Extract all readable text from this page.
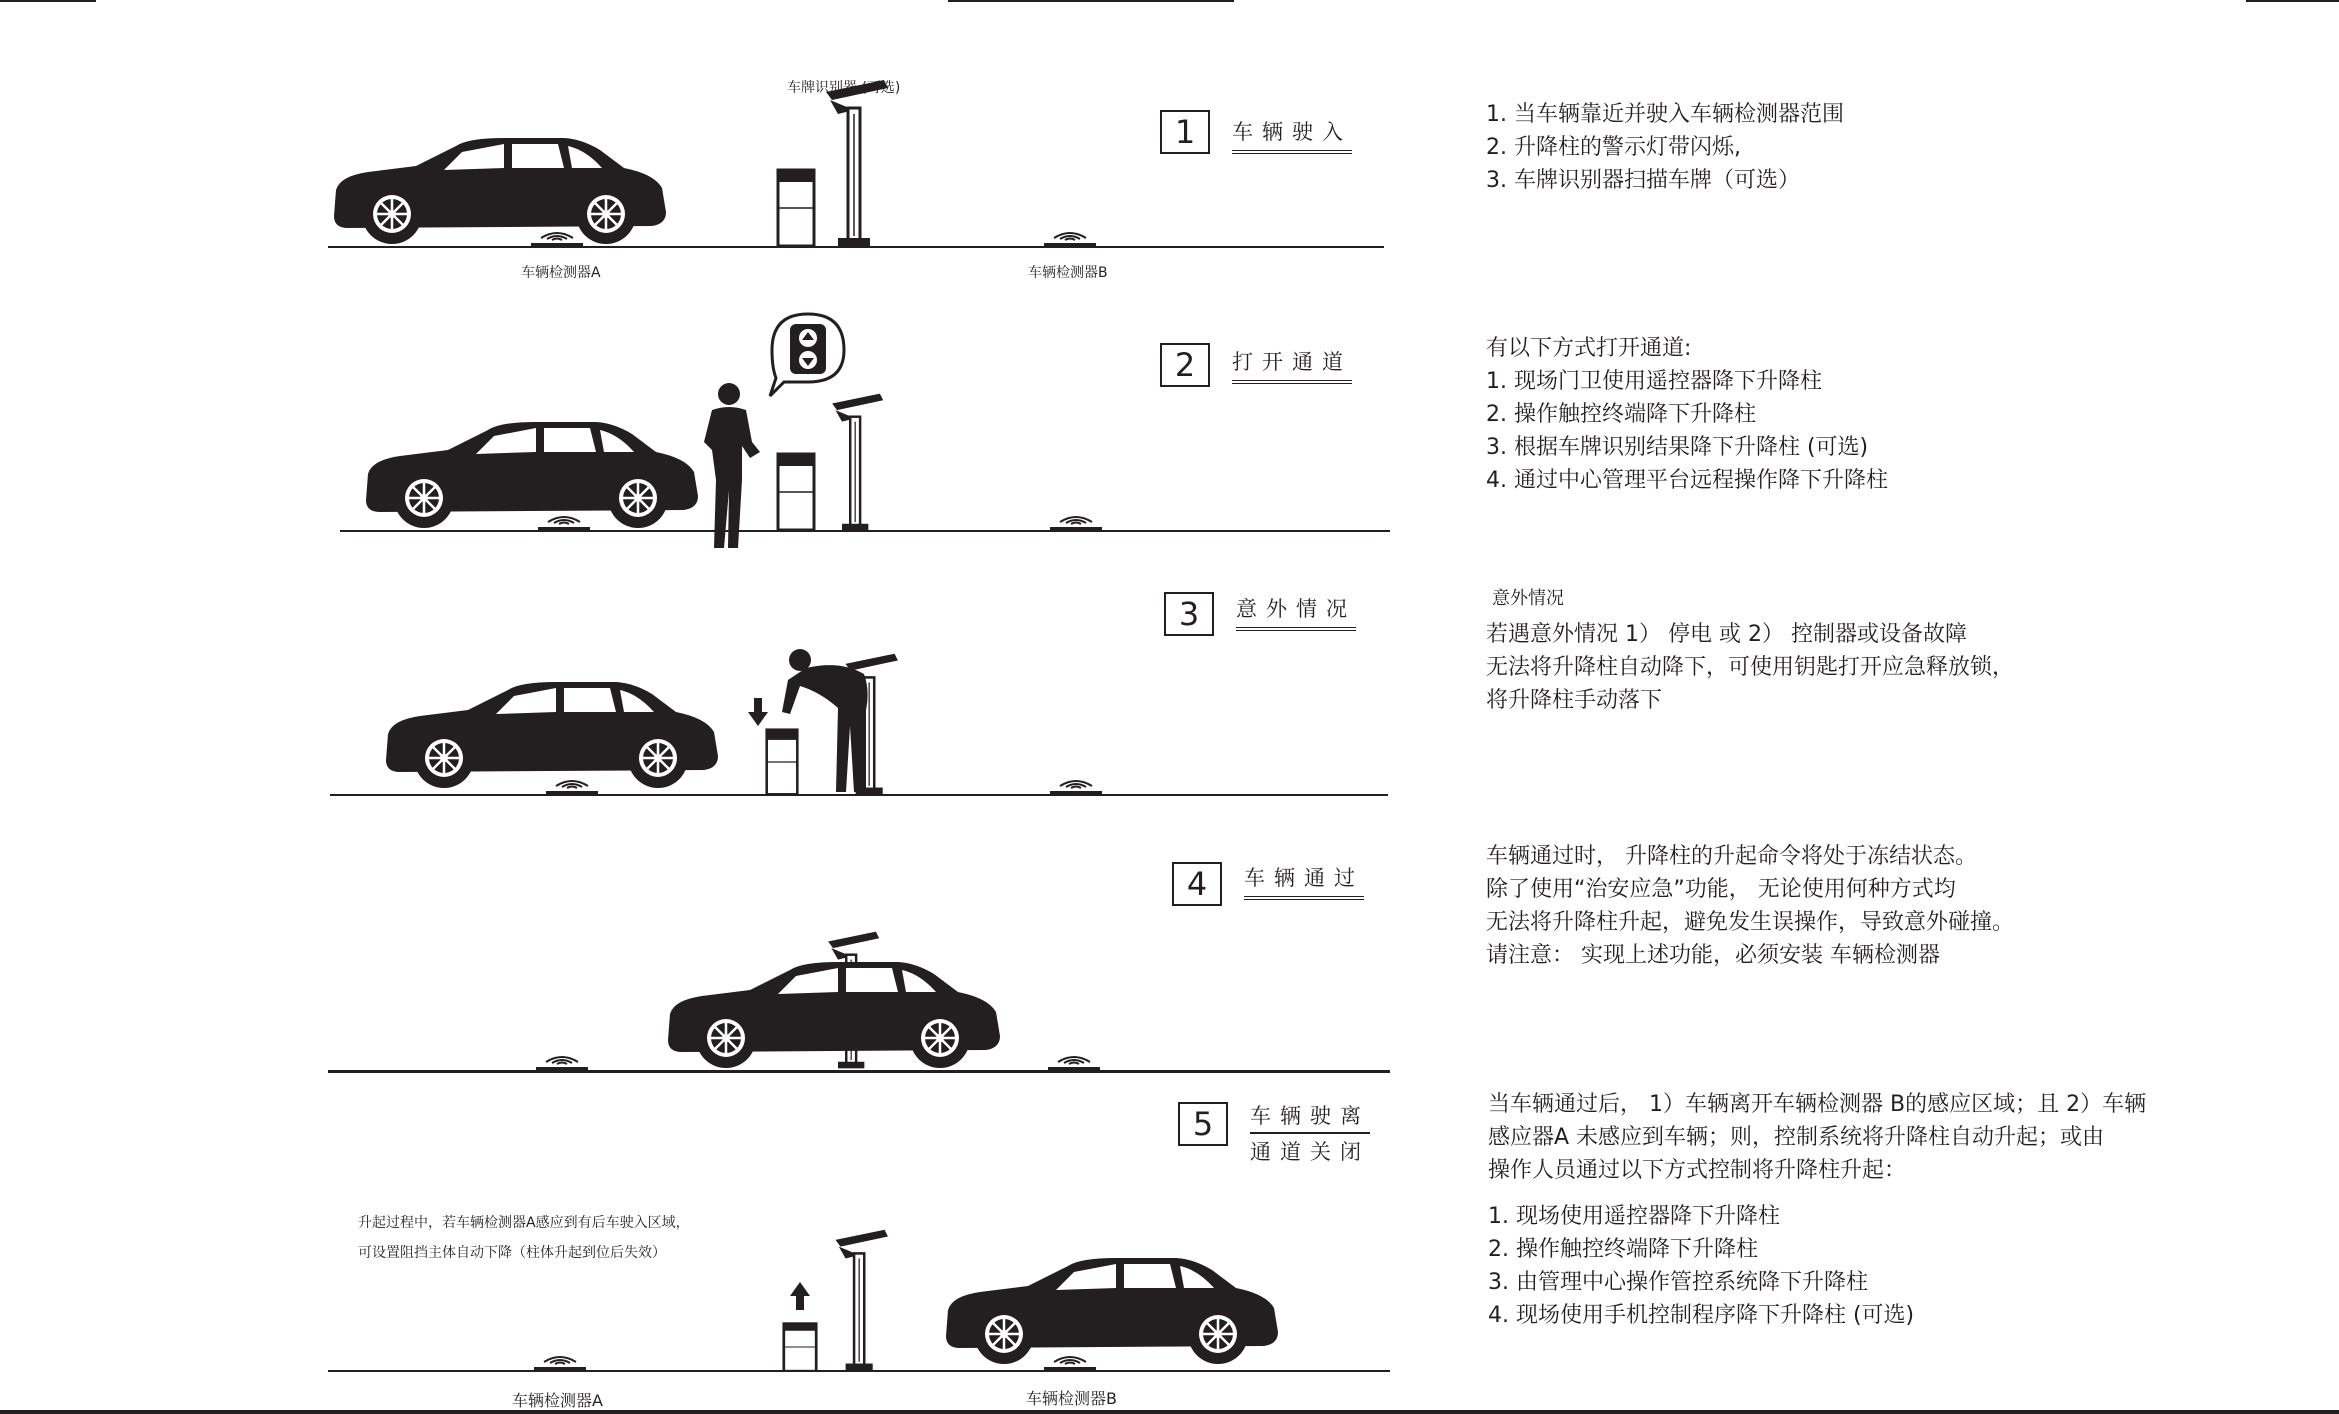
车牌识别器 (可选)
车辆检测器A	车辆检测器B
1	车辆驶入
1. 当车辆靠近并驶入车辆检测器范围
2. 升降柱的警示灯带闪烁,
3. 车牌识别器扫描车牌（可选）
2	打开通道
有以下方式打开通道:
1. 现场门卫使用遥控器降下升降柱
2. 操作触控终端降下升降柱
3. 根据车牌识别结果降下升降柱 (可选)
4. 通过中心管理平台远程操作降下升降柱
3	意外情况	意外情况
若遇意外情况 1） 停电 或 2） 控制器或设备故障
无法将升降柱自动降下，可使用钥匙打开应急释放锁，
将升降柱手动落下
4	车辆通过
车辆通过时， 升降柱的升起命令将处于冻结状态。
除了使用“治安应急”功能， 无论使用何种方式均
无法将升降柱升起，避免发生误操作，导致意外碰撞。
请注意： 实现上述功能，必须安装 车辆检测器
升起过程中，若车辆检测器A感应到有后车驶入区域，
可设置阻挡主体自动下降（柱体升起到位后失效）
车辆检测器A	车辆检测器B
5	车辆驶离
通道关闭
当车辆通过后， 1）车辆离开车辆检测器 B的感应区域；且 2）车辆
感应器A 未感应到车辆；则，控制系统将升降柱自动升起；或由
操作人员通过以下方式控制将升降柱升起：
1. 现场使用遥控器降下升降柱
2. 操作触控终端降下升降柱
3. 由管理中心操作管控系统降下升降柱
4. 现场使用手机控制程序降下升降柱 (可选)
